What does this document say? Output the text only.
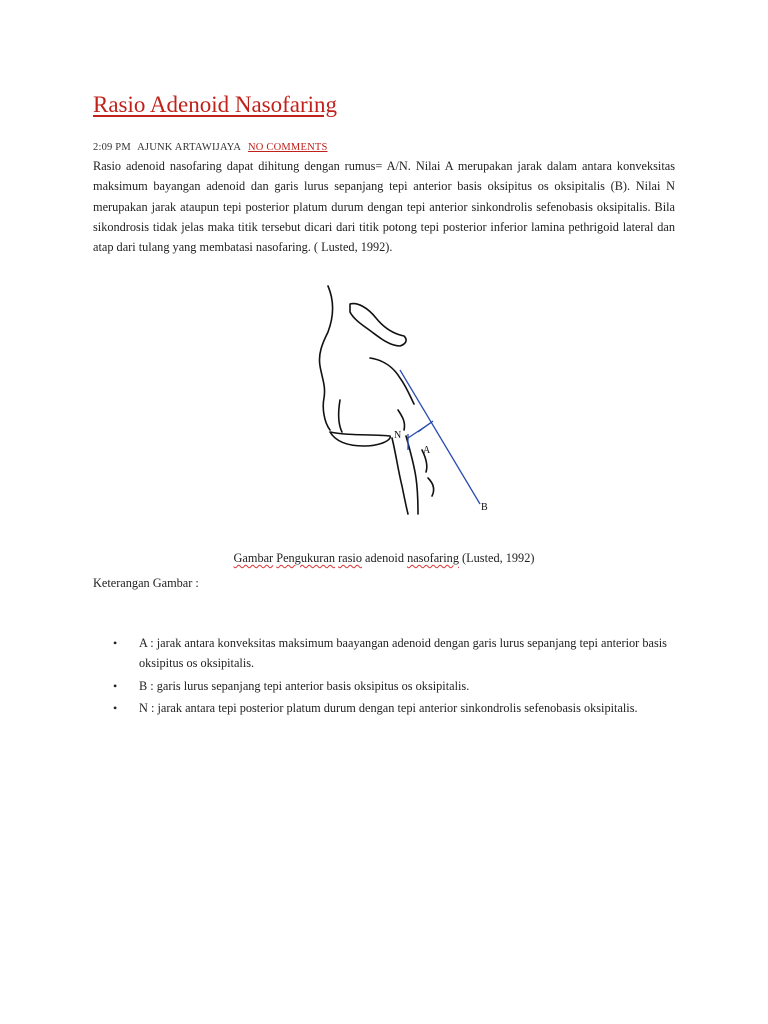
Rasio Adenoid Nasofaring
2:09 PM AJUNK ARTAWIJAYA NO COMMENTS

Rasio adenoid nasofaring dapat dihitung dengan rumus= A/N. Nilai A merupakan jarak dalam antara konveksitas maksimum bayangan adenoid dan garis lurus sepanjang tepi anterior basis oksipitus os oksipitalis (B). Nilai N merupakan jarak ataupun tepi posterior platum durum dengan tepi anterior sinkondrolis sefenobasis oksipitalis. Bila sikondrosis tidak jelas maka titik tersebut dicari dari titik potong tepi posterior inferior lamina pethrigoid lateral dan atap dari tulang yang membatasi nasofaring. ( Lusted, 1992).

N
A
B
Gambar Pengukuran rasio adenoid nasofaring (Lusted, 1992)
Keterangan Gambar :
• A : jarak antara konveksitas maksimum baayangan adenoid dengan garis lurus sepanjang tepi anterior basis oksipitus os oksipitalis.
• B : garis lurus sepanjang tepi anterior basis oksipitus os oksipitalis.
• N : jarak antara tepi posterior platum durum dengan tepi anterior sinkondrolis sefenobasis oksipitalis.
